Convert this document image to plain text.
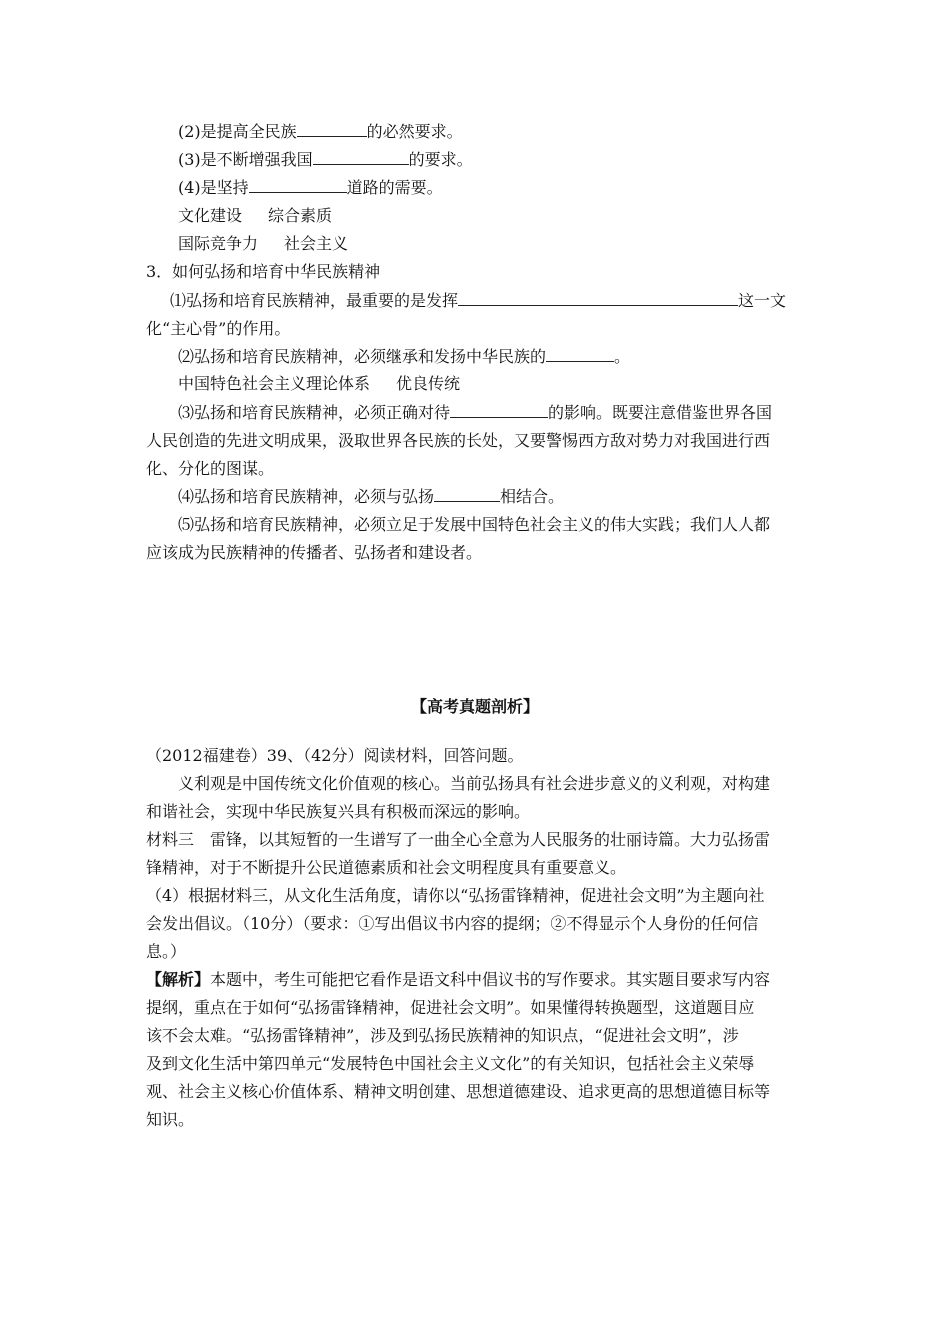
(2)是提高全民族	的必然要求。
(3)是不断增强我国	的要求。
(4)是坚持	道路的需要。
文化建设 综合素质
国际竞争力 社会主义
3．如何弘扬和培育中华民族精神
⑴弘扬和培育民族精神，最重要的是发挥	这一文
化“主心骨”的作用。
⑵弘扬和培育民族精神，必须继承和发扬中华民族的	。
中国特色社会主义理论体系 优良传统
⑶弘扬和培育民族精神，必须正确对待	的影响。既要注意借鉴世界各国
人民创造的先进文明成果，汲取世界各民族的长处，又要警惕西方敌对势力对我国进行西
化、分化的图谋。
⑷弘扬和培育民族精神，必须与弘扬	相结合。
⑸弘扬和培育民族精神，必须立足于发展中国特色社会主义的伟大实践；我们人人都
应该成为民族精神的传播者、弘扬者和建设者。
【高考真题剖析】
（2012福建卷）39、（42分）阅读材料，回答问题。
义利观是中国传统文化价值观的核心。当前弘扬具有社会进步意义的义利观，对构建
和谐社会，实现中华民族复兴具有积极而深远的影响。
材料三　雷锋，以其短暂的一生谱写了一曲全心全意为人民服务的壮丽诗篇。大力弘扬雷
锋精神，对于不断提升公民道德素质和社会文明程度具有重要意义。
（4）根据材料三，从文化生活角度，请你以“弘扬雷锋精神，促进社会文明”为主题向社
会发出倡议。（10分）（要求：①写出倡议书内容的提纲；②不得显示个人身份的任何信
息。）
【解析】本题中，考生可能把它看作是语文科中倡议书的写作要求。其实题目要求写内容
提纲，重点在于如何“弘扬雷锋精神，促进社会文明”。如果懂得转换题型，这道题目应
该不会太难。“弘扬雷锋精神”，涉及到弘扬民族精神的知识点，“促进社会文明”，涉
及到文化生活中第四单元“发展特色中国社会主义文化”的有关知识，包括社会主义荣辱
观、社会主义核心价值体系、精神文明创建、思想道德建设、追求更高的思想道德目标等
知识。
